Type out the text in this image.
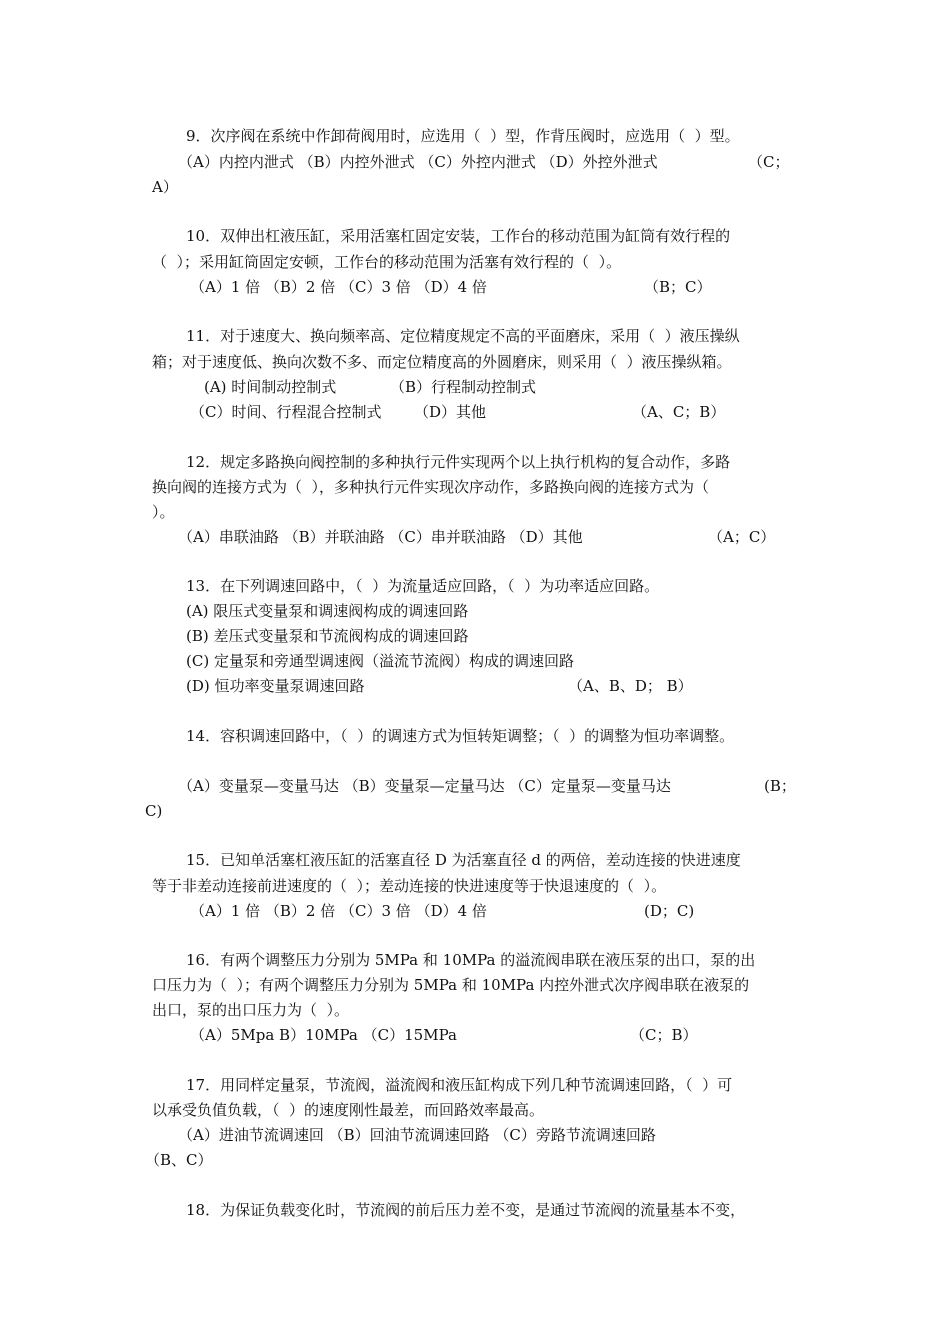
9．次序阀在系统中作卸荷阀用时，应选用（  ）型，作背压阀时，应选用（  ）型。
（A）内控内泄式 （B）内控外泄式 （C）外控内泄式 （D）外控外泄式	（C；
A）
10．双伸出杠液压缸，采用活塞杠固定安装，工作台的移动范围为缸筒有效行程的
（  ）；采用缸筒固定安顿，工作台的移动范围为活塞有效行程的（  ）。
（A）1 倍 （B）2 倍 （C）3 倍 （D）4 倍	（B；C）
11．对于速度大、换向频率高、定位精度规定不高的平面磨床，采用（  ）液压操纵
箱；对于速度低、换向次数不多、而定位精度高的外圆磨床，则采用（  ）液压操纵箱。
(A) 时间制动控制式	（B）行程制动控制式
（C）时间、行程混合控制式 （D）其他	（A、C；B）
12．规定多路换向阀控制的多种执行元件实现两个以上执行机构的复合动作，多路
换向阀的连接方式为（  ），多种执行元件实现次序动作，多路换向阀的连接方式为（
）。
（A）串联油路 （B）并联油路 （C）串并联油路 （D）其他	（A；C）
13．在下列调速回路中，（  ）为流量适应回路，（  ）为功率适应回路。
(A) 限压式变量泵和调速阀构成的调速回路
(B) 差压式变量泵和节流阀构成的调速回路
(C) 定量泵和旁通型调速阀（溢流节流阀）构成的调速回路
(D) 恒功率变量泵调速回路	（A、B、D； B）
14．容积调速回路中，（  ）的调速方式为恒转矩调整；（  ）的调整为恒功率调整。
（A）变量泵—变量马达 （B）变量泵—定量马达 （C）定量泵—变量马达	(B；
C)
15．已知单活塞杠液压缸的活塞直径 D 为活塞直径 d 的两倍，差动连接的快进速度
等于非差动连接前进速度的（  ）；差动连接的快进速度等于快退速度的（  ）。
（A）1 倍 （B）2 倍 （C）3 倍 （D）4 倍	(D；C)
16．有两个调整压力分别为 5MPa 和 10MPa 的溢流阀串联在液压泵的出口，泵的出
口压力为（  ）；有两个调整压力分别为 5MPa 和 10MPa 内控外泄式次序阀串联在液泵的
出口，泵的出口压力为（  ）。
（A）5Mpa B）10MPa （C）15MPa	（C；B）
17．用同样定量泵，节流阀，溢流阀和液压缸构成下列几种节流调速回路，（  ）可
以承受负值负载，（  ）的速度刚性最差，而回路效率最高。
（A）进油节流调速回 （B）回油节流调速回路 （C）旁路节流调速回路
（B、C）
18．为保证负载变化时，节流阀的前后压力差不变，是通过节流阀的流量基本不变，
